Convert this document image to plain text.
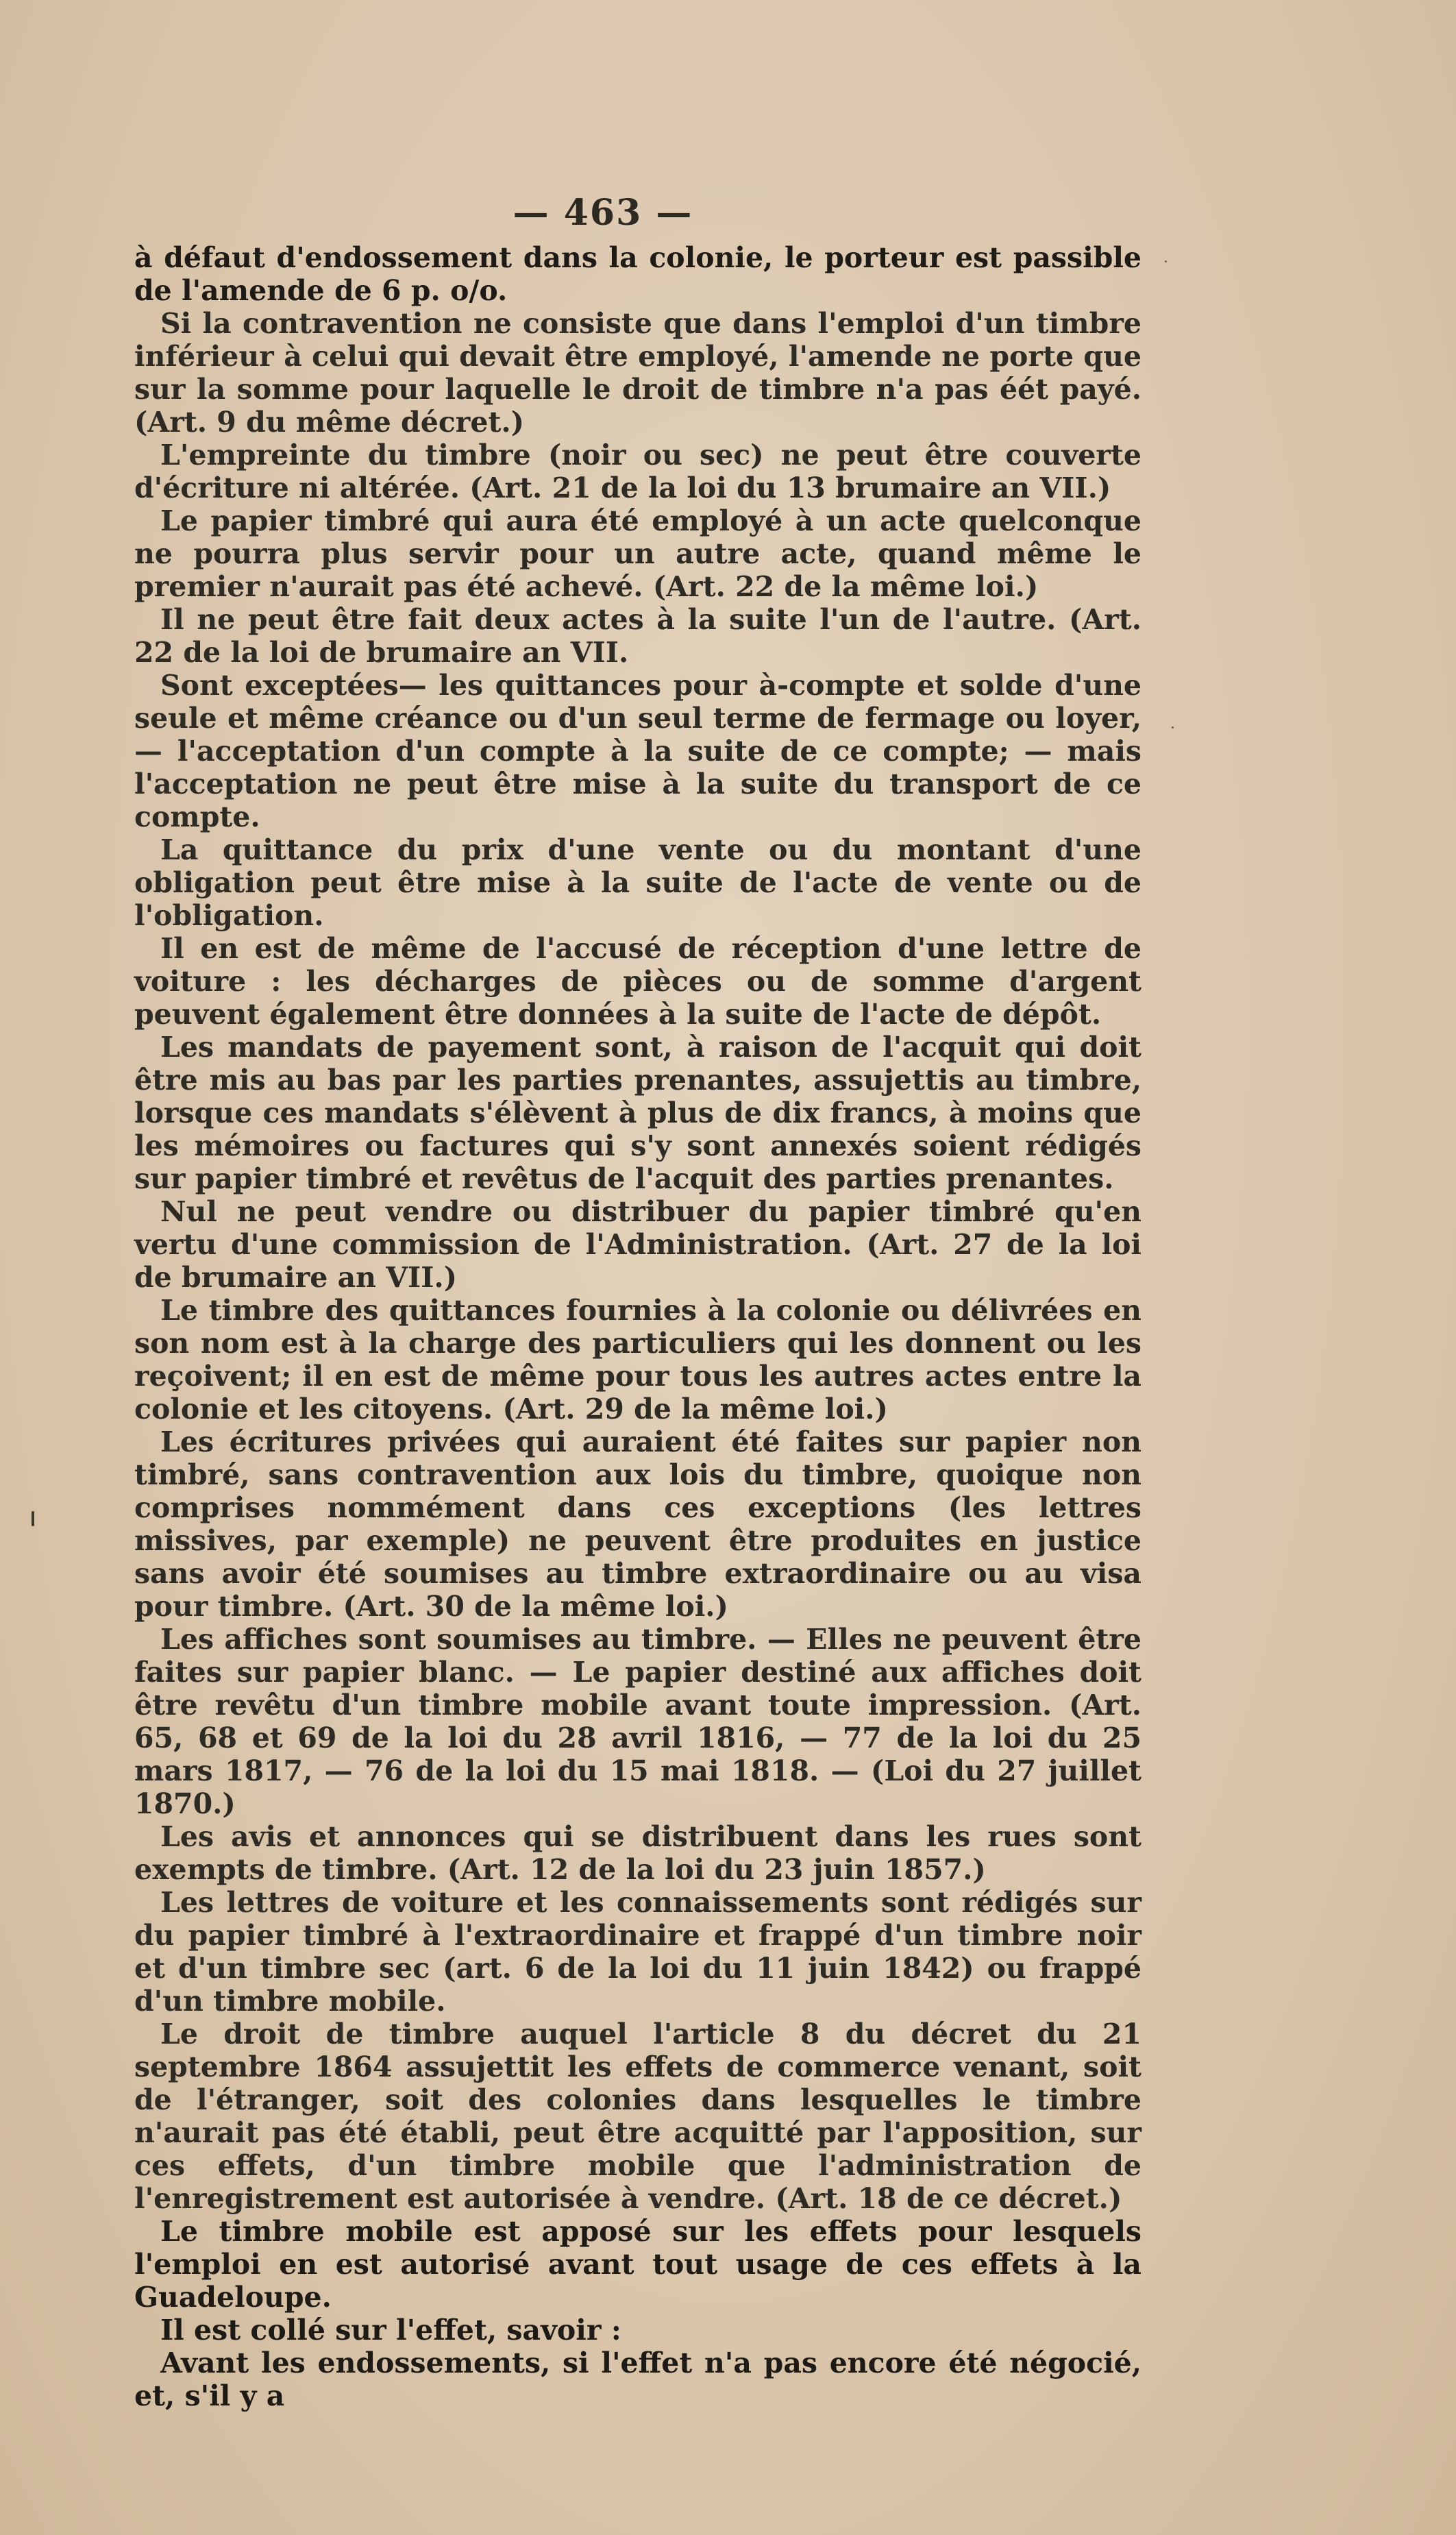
— 463 —

à défaut d'endossement dans la colonie, le porteur est passible de l'amende de 6 p. o/o.

Si la contravention ne consiste que dans l'emploi d'un timbre inférieur à celui qui devait être employé, l'amende ne porte que sur la somme pour laquelle le droit de timbre n'a pas éét payé. (Art. 9 du même décret.)

L'empreinte du timbre (noir ou sec) ne peut être couverte d'écriture ni altérée. (Art. 21 de la loi du 13 brumaire an VII.)

Le papier timbré qui aura été employé à un acte quelconque ne pourra plus servir pour un autre acte, quand même le premier n'aurait pas été achevé. (Art. 22 de la même loi.)

Il ne peut être fait deux actes à la suite l'un de l'autre. (Art. 22 de la loi de brumaire an VII.

Sont exceptées— les quittances pour à-compte et solde d'une seule et même créance ou d'un seul terme de fermage ou loyer, — l'acceptation d'un compte à la suite de ce compte; — mais l'acceptation ne peut être mise à la suite du transport de ce compte.

La quittance du prix d'une vente ou du montant d'une obligation peut être mise à la suite de l'acte de vente ou de l'obligation.

Il en est de même de l'accusé de réception d'une lettre de voiture : les décharges de pièces ou de somme d'argent peuvent également être données à la suite de l'acte de dépôt.

Les mandats de payement sont, à raison de l'acquit qui doit être mis au bas par les parties prenantes, assujettis au timbre, lorsque ces mandats s'élèvent à plus de dix francs, à moins que les mémoires ou factures qui s'y sont annexés soient rédigés sur papier timbré et revêtus de l'acquit des parties prenantes.

Nul ne peut vendre ou distribuer du papier timbré qu'en vertu d'une commission de l'Administration. (Art. 27 de la loi de brumaire an VII.)

Le timbre des quittances fournies à la colonie ou délivrées en son nom est à la charge des particuliers qui les donnent ou les reçoivent; il en est de même pour tous les autres actes entre la colonie et les citoyens. (Art. 29 de la même loi.)

Les écritures privées qui auraient été faites sur papier non timbré, sans contravention aux lois du timbre, quoique non comprises nommément dans ces exceptions (les lettres missives, par exemple) ne peuvent être produites en justice sans avoir été soumises au timbre extraordinaire ou au visa pour timbre. (Art. 30 de la même loi.)

Les affiches sont soumises au timbre. — Elles ne peuvent être faites sur papier blanc. — Le papier destiné aux affiches doit être revêtu d'un timbre mobile avant toute impression. (Art. 65, 68 et 69 de la loi du 28 avril 1816, — 77 de la loi du 25 mars 1817, — 76 de la loi du 15 mai 1818. — (Loi du 27 juillet 1870.)

Les avis et annonces qui se distribuent dans les rues sont exempts de timbre. (Art. 12 de la loi du 23 juin 1857.)

Les lettres de voiture et les connaissements sont rédigés sur du papier timbré à l'extraordinaire et frappé d'un timbre noir et d'un timbre sec (art. 6 de la loi du 11 juin 1842) ou frappé d'un timbre mobile.

Le droit de timbre auquel l'article 8 du décret du 21 septembre 1864 assujettit les effets de commerce venant, soit de l'étranger, soit des colonies dans lesquelles le timbre n'aurait pas été établi, peut être acquitté par l'apposition, sur ces effets, d'un timbre mobile que l'administration de l'enregistrement est autorisée à vendre. (Art. 18 de ce décret.)

Le timbre mobile est apposé sur les effets pour lesquels l'emploi en est autorisé avant tout usage de ces effets à la Guadeloupe.

Il est collé sur l'effet, savoir :

Avant les endossements, si l'effet n'a pas encore été négocié, et, s'il y a
